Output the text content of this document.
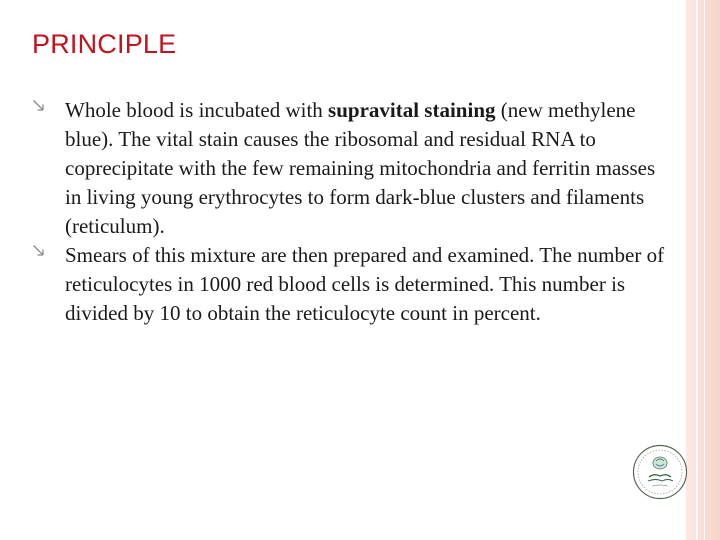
PRINCIPLE
Whole blood is incubated with supravital staining (new methylene blue). The vital stain causes the ribosomal and residual RNA to coprecipitate with the few remaining mitochondria and ferritin masses in living young erythrocytes to form dark-blue clusters and filaments (reticulum).
Smears of this mixture are then prepared and examined. The number of reticulocytes in 1000 red blood cells is determined. This number is divided by 10 to obtain the reticulocyte count in percent.
